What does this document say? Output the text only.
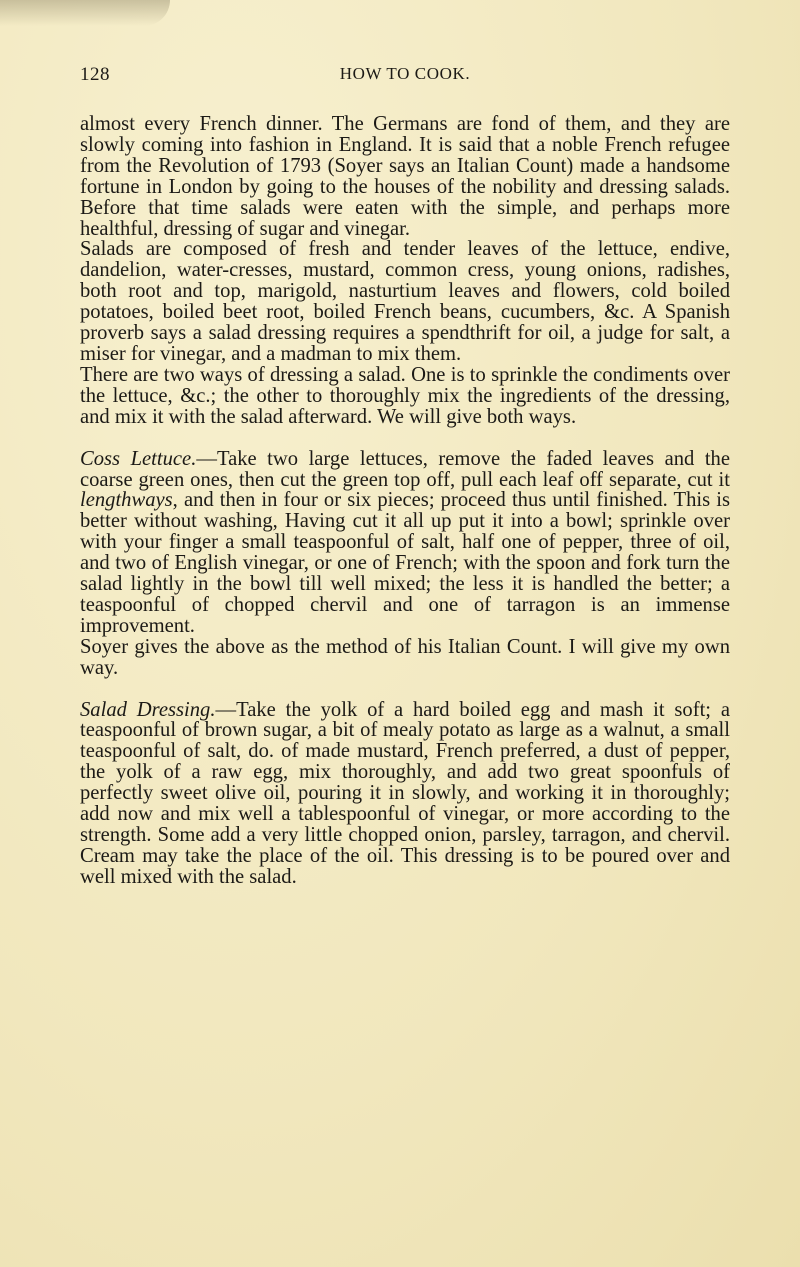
128	HOW TO COOK.

almost every French dinner. The Germans are fond of them, and they are slowly coming into fashion in England. It is said that a noble French refugee from the Revolution of 1793 (Soyer says an Italian Count) made a handsome fortune in London by going to the houses of the nobility and dressing salads. Before that time salads were eaten with the simple, and perhaps more healthful, dressing of sugar and vinegar.

Salads are composed of fresh and tender leaves of the lettuce, endive, dandelion, water-cresses, mustard, common cress, young onions, radishes, both root and top, marigold, nasturtium leaves and flowers, cold boiled potatoes, boiled beet root, boiled French beans, cucumbers, &c. A Spanish proverb says a salad dressing requires a spendthrift for oil, a judge for salt, a miser for vinegar, and a madman to mix them.

There are two ways of dressing a salad. One is to sprinkle the condiments over the lettuce, &c.; the other to thoroughly mix the ingredients of the dressing, and mix it with the salad afterward. We will give both ways.

Coss Lettuce.—Take two large lettuces, remove the faded leaves and the coarse green ones, then cut the green top off, pull each leaf off separate, cut it lengthways, and then in four or six pieces; proceed thus until finished. This is better without washing, Having cut it all up put it into a bowl; sprinkle over with your finger a small teaspoonful of salt, half one of pepper, three of oil, and two of English vinegar, or one of French; with the spoon and fork turn the salad lightly in the bowl till well mixed; the less it is handled the better; a teaspoonful of chopped chervil and one of tarragon is an immense improvement.

Soyer gives the above as the method of his Italian Count. I will give my own way.

Salad Dressing.—Take the yolk of a hard boiled egg and mash it soft; a teaspoonful of brown sugar, a bit of mealy potato as large as a walnut, a small teaspoonful of salt, do. of made mustard, French preferred, a dust of pepper, the yolk of a raw egg, mix thoroughly, and add two great spoonfuls of perfectly sweet olive oil, pouring it in slowly, and working it in thoroughly; add now and mix well a tablespoonful of vinegar, or more according to the strength. Some add a very little chopped onion, parsley, tarragon, and chervil. Cream may take the place of the oil. This dressing is to be poured over and well mixed with the salad.
